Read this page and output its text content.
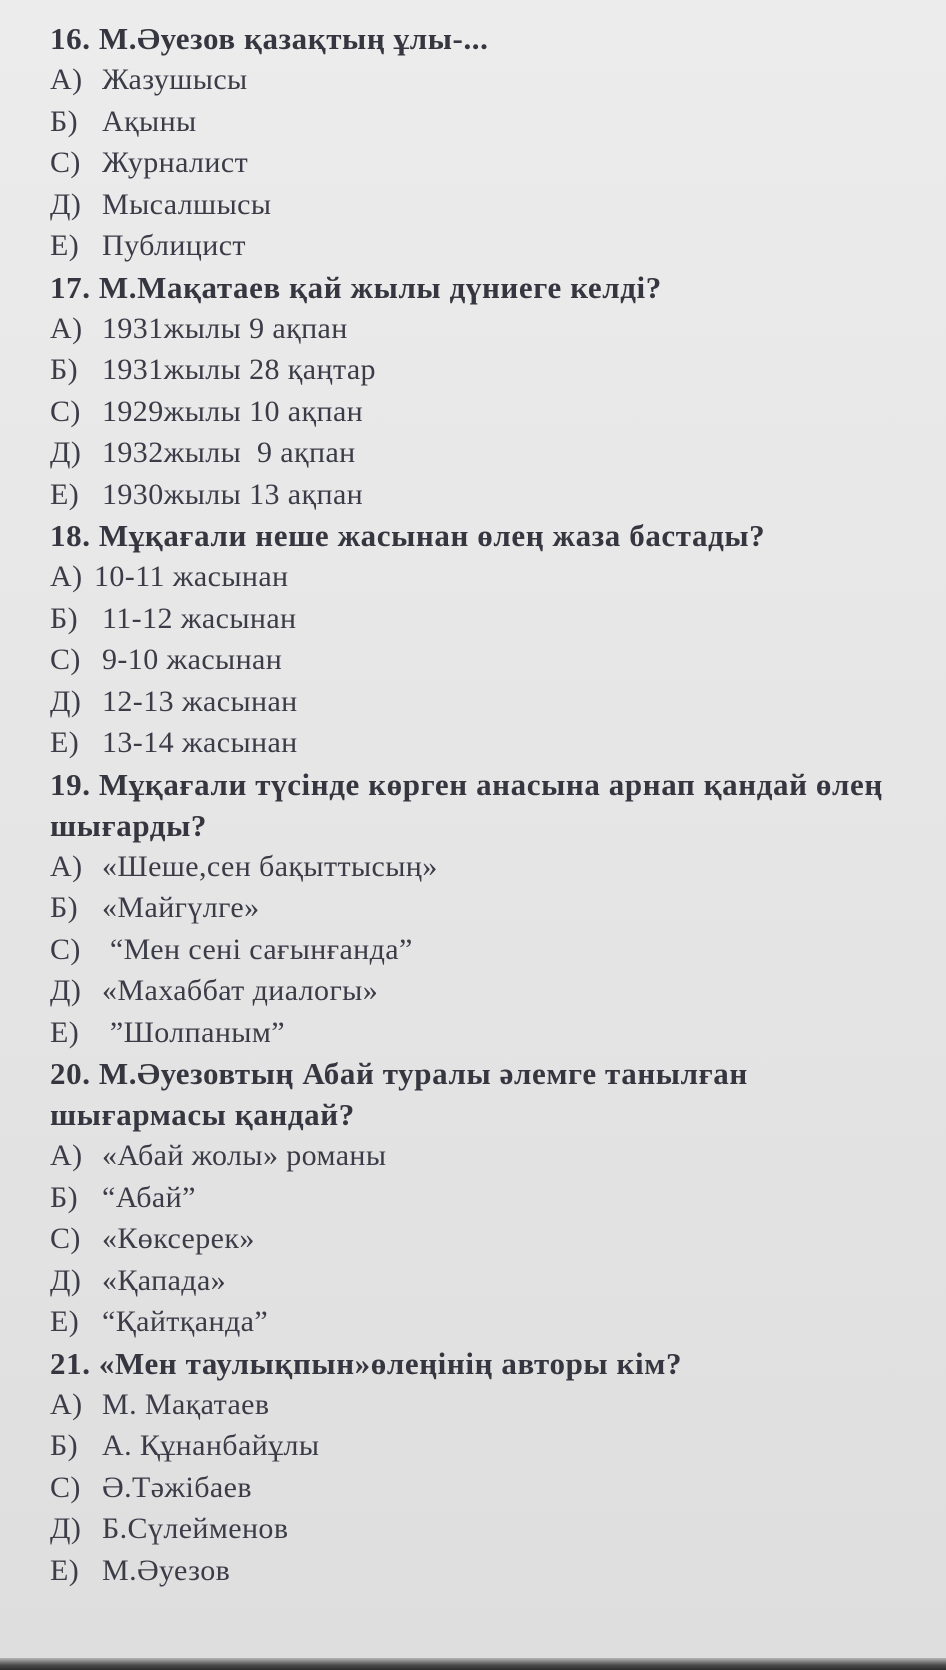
16. М.Әуезов қазақтың ұлы-...
А) Жазушысы
Б) Ақыны
С) Журналист
Д) Мысалшысы
Е) Публицист
17. М.Мақатаев қай жылы дүниеге келді?
А) 1931жылы 9 ақпан
Б) 1931жылы 28 қаңтар
С) 1929жылы 10 ақпан
Д) 1932жылы  9 ақпан
Е) 1930жылы 13 ақпан
18. Мұқағали неше жасынан өлең жаза бастады?
А) 10-11 жасынан
Б) 11-12 жасынан
С) 9-10 жасынан
Д) 12-13 жасынан
Е) 13-14 жасынан
19. Мұқағали түсінде көрген анасына арнап қандай өлең шығарды?
А) «Шеше,сен бақыттысың»
Б) «Майгүлге»
С) “Мен сені сағынғанда”
Д) «Махаббат диалогы»
Е) ”Шолпаным”
20. М.Әуезовтың Абай туралы әлемге танылған шығармасы қандай?
А) «Абай жолы» романы
Б) “Абай”
С) «Көксерек»
Д) «Қапада»
Е) “Қайтқанда”
21. «Мен таулықпын»өлеңінің авторы кім?
А) М. Мақатаев
Б) А. Құнанбайұлы
С) Ә.Тәжібаев
Д) Б.Сүлейменов
Е) М.Әуезов
